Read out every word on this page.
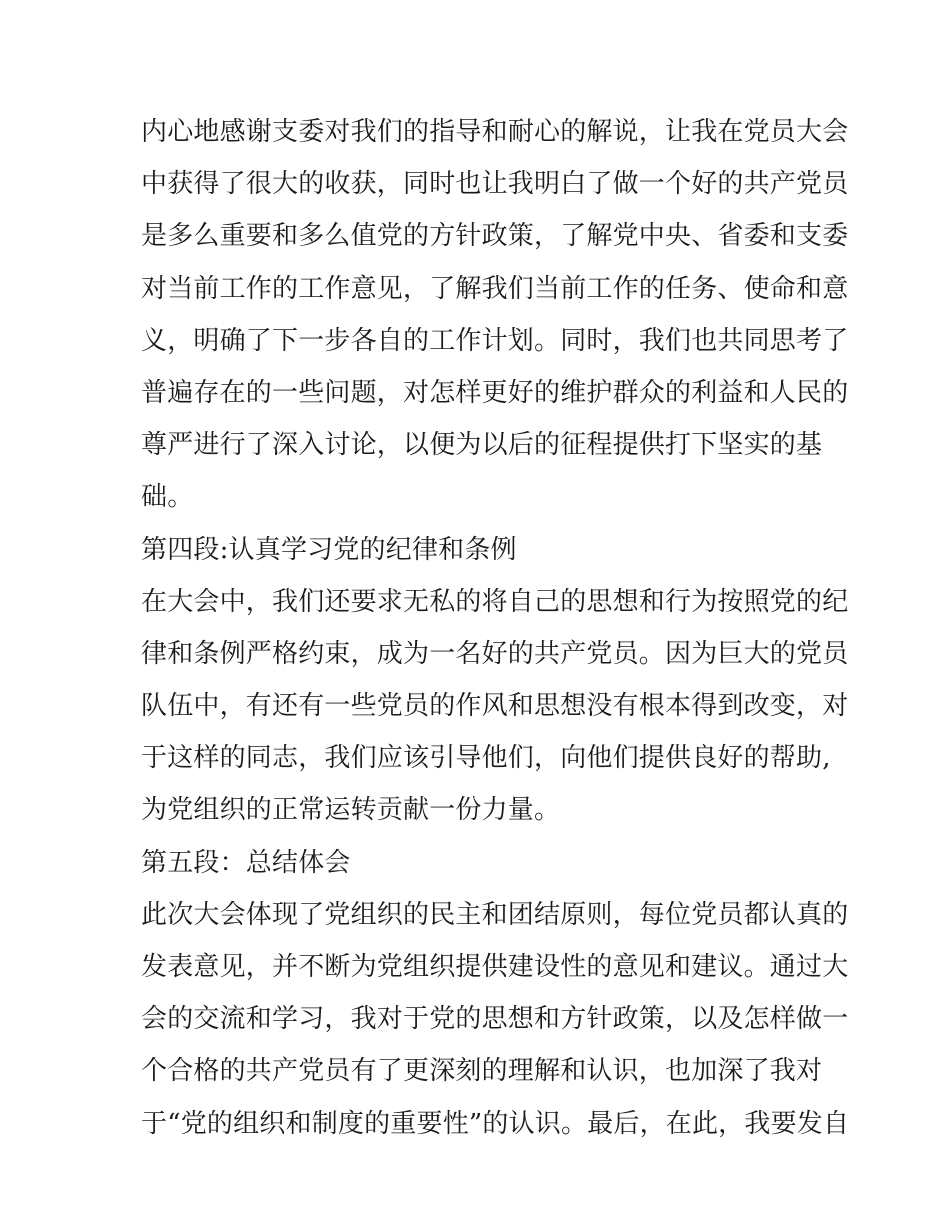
内心地感谢支委对我们的指导和耐心的解说，让我在党员大会
中获得了很大的收获，同时也让我明白了做一个好的共产党员
是多么重要和多么值党的方针政策，了解党中央、省委和支委
对当前工作的工作意见，了解我们当前工作的任务、使命和意
义，明确了下一步各自的工作计划。同时，我们也共同思考了
普遍存在的一些问题，对怎样更好的维护群众的利益和人民的
尊严进行了深入讨论，以便为以后的征程提供打下坚实的基
础。
第四段:认真学习党的纪律和条例
在大会中，我们还要求无私的将自己的思想和行为按照党的纪
律和条例严格约束，成为一名好的共产党员。因为巨大的党员
队伍中，有还有一些党员的作风和思想没有根本得到改变，对
于这样的同志，我们应该引导他们，向他们提供良好的帮助,
为党组织的正常运转贡献一份力量。
第五段：总结体会
此次大会体现了党组织的民主和团结原则，每位党员都认真的
发表意见，并不断为党组织提供建设性的意见和建议。通过大
会的交流和学习，我对于党的思想和方针政策，以及怎样做一
个合格的共产党员有了更深刻的理解和认识，也加深了我对
于“党的组织和制度的重要性”的认识。最后，在此，我要发自
